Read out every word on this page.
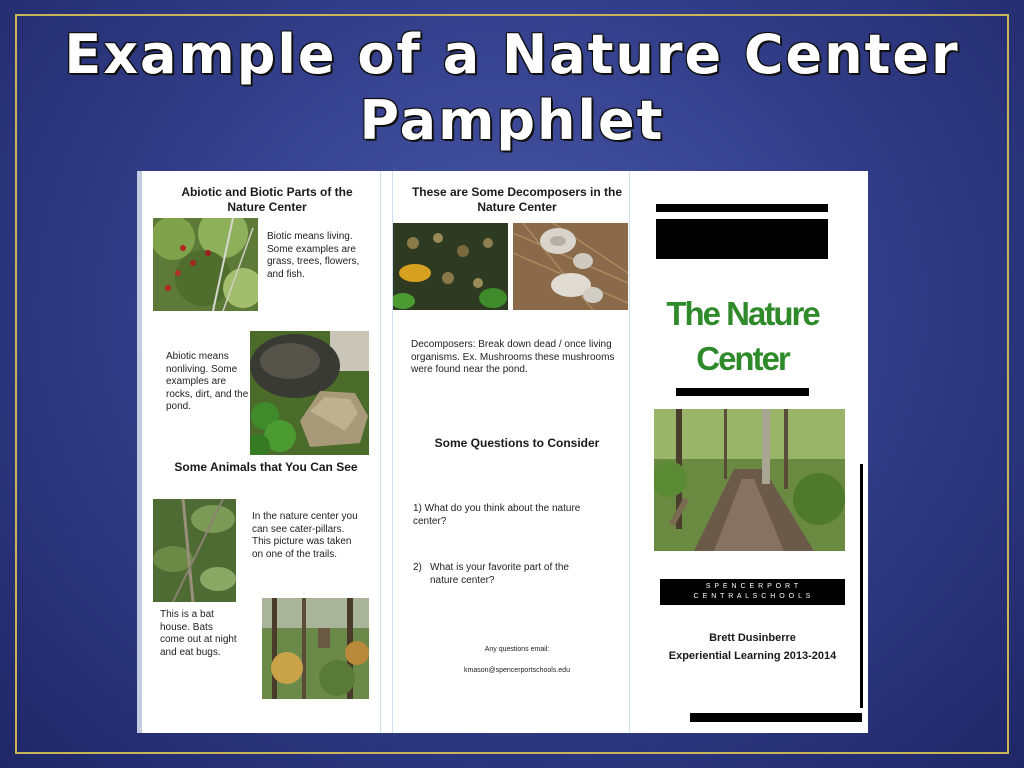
Example of a Nature Center
Pamphlet
Abiotic and Biotic Parts of the Nature Center
Biotic means living. Some examples are grass, trees, flowers, and fish.
Abiotic means nonliving. Some examples are rocks, dirt, and the pond.
Some Animals that You Can See
In the nature center you can see cater-pillars. This picture was taken on one of the trails.
This is a bat house. Bats come out at night and eat bugs.
These are Some Decomposers in the Nature Center
Decomposers: Break down dead / once living organisms. Ex. Mushrooms these mushrooms were found near the pond.
Some Questions to Consider
1) What do you think about the nature center?
2) What is your favorite part of the nature center?
Any questions email:
kmason@spencerportschools.edu
The Nature
Center
S P E N C E R P O R T
C E N T R A L S C H O O L S
Brett Dusinberre
Experiential Learning 2013-2014
